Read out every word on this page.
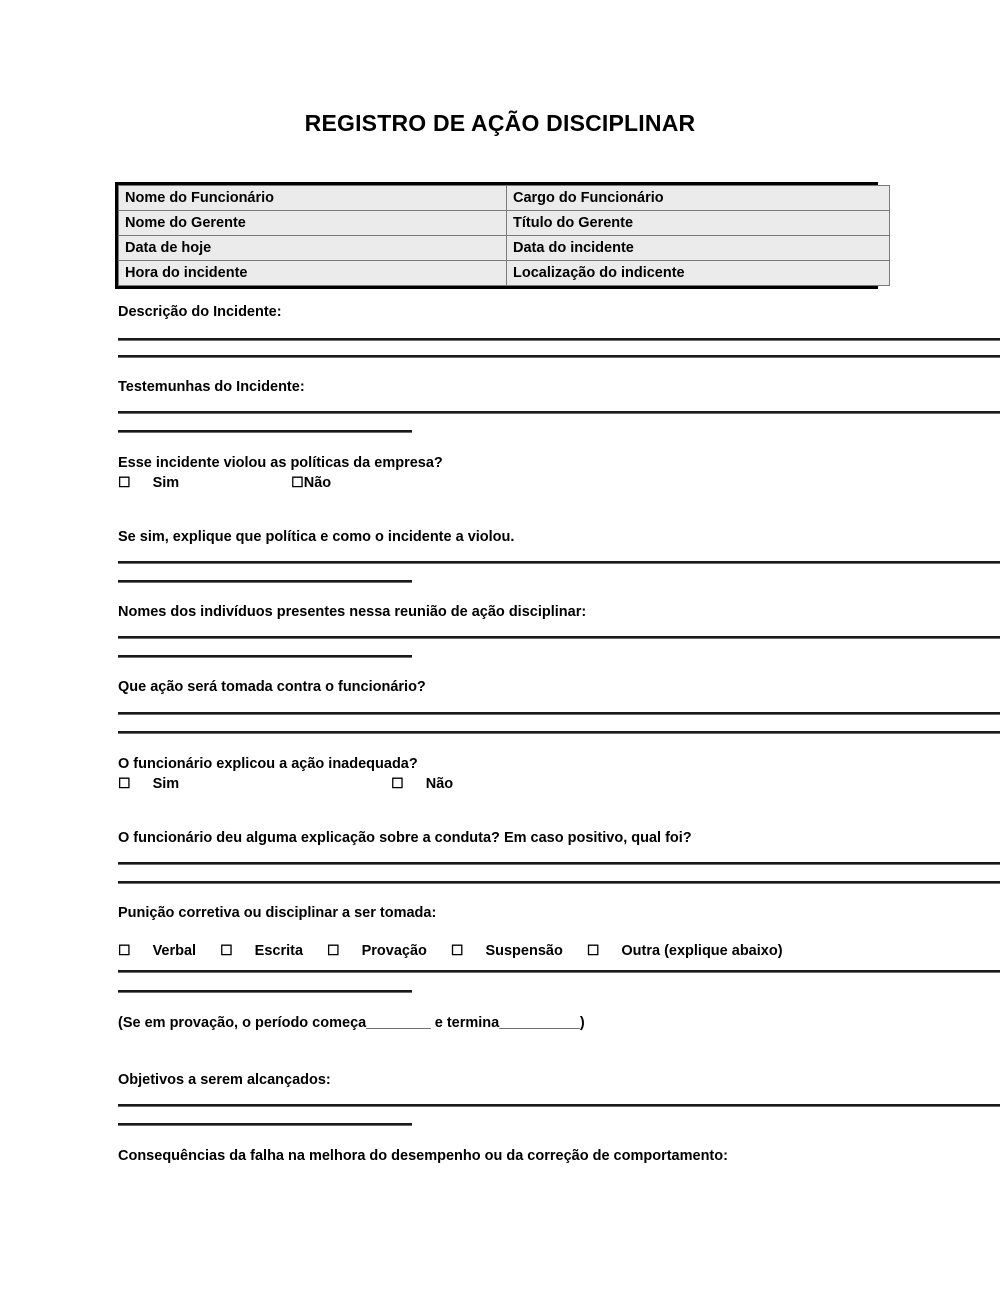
REGISTRO DE AÇÃO DISCIPLINAR
Nome do Funcionário	Cargo do Funcionário
Nome do Gerente	Título do Gerente
Data de hoje	Data do incidente
Hora do incidente	Localização do indicente
Descrição do Incidente:
Testemunhas do Incidente:
Esse incidente violou as políticas da empresa?
☐ Sim	☐Não
Se sim, explique que política e como o incidente a violou.
Nomes dos indivíduos presentes nessa reunião de ação disciplinar:
Que ação será tomada contra o funcionário?
O funcionário explicou a ação inadequada?
☐ Sim	☐ Não
O funcionário deu alguma explicação sobre a conduta? Em caso positivo, qual foi?
Punição corretiva ou disciplinar a ser tomada:
☐ Verbal ☐ Escrita ☐ Provação ☐ Suspensão ☐ Outra (explique abaixo)
(Se em provação, o período começa________ e termina__________)
Objetivos a serem alcançados:
Consequências da falha na melhora do desempenho ou da correção de comportamento:
